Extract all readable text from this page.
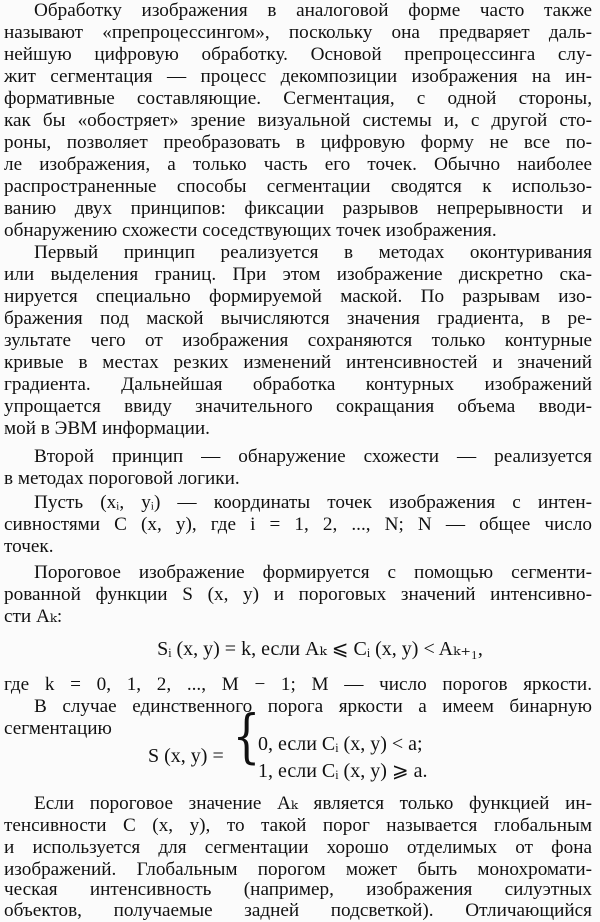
Обработку изображения в аналоговой форме часто также
называют «препроцессингом», поскольку она предваряет даль-
нейшую цифровую обработку. Основой препроцессинга слу-
жит сегментация — процесс декомпозиции изображения на ин-
формативные составляющие. Сегментация, с одной стороны,
как бы «обостряет» зрение визуальной системы и, с другой сто-
роны, позволяет преобразовать в цифровую форму не все по-
ле изображения, а только часть его точек. Обычно наиболее
распространенные способы сегментации сводятся к использо-
ванию двух принципов: фиксации разрывов непрерывности и
обнаружению схожести соседствующих точек изображения.
Первый принцип реализуется в методах оконтуривания
или выделения границ. При этом изображение дискретно ска-
нируется специально формируемой маской. По разрывам изо-
бражения под маской вычисляются значения градиента, в ре-
зультате чего от изображения сохраняются только контурные
кривые в местах резких изменений интенсивностей и значений
градиента. Дальнейшая обработка контурных изображений
упрощается ввиду значительного сокращания объема вводи-
мой в ЭВМ информации.
Второй принцип — обнаружение схожести — реализуется
в методах пороговой логики.
Пусть (xᵢ, yᵢ) — координаты точек изображения с интен-
сивностями C (x, y), где i = 1, 2, ..., N; N — общее число
точек.
Пороговое изображение формируется с помощью сегменти-
рованной функции S (x, y) и пороговых значений интенсивно-
сти Aₖ:
Sᵢ (x, y) = k, если Aₖ ⩽ Cᵢ (x, y) < Aₖ₊₁,
где k = 0, 1, 2, ..., M − 1; M — число порогов яркости.
В случае единственного порога яркости a имеем бинарную
сегментацию
S (x, y) = {
0, если Cᵢ (x, y) < a;
1, если Cᵢ (x, y) ⩾ a.
Если пороговое значение Aₖ является только функцией ин-
тенсивности C (x, y), то такой порог называется глобальным
и используется для сегментации хорошо отделимых от фона
изображений. Глобальным порогом может быть монохромати-
ческая интенсивность (например, изображения силуэтных
объектов, получаемые задней подсветкой). Отличающийся
